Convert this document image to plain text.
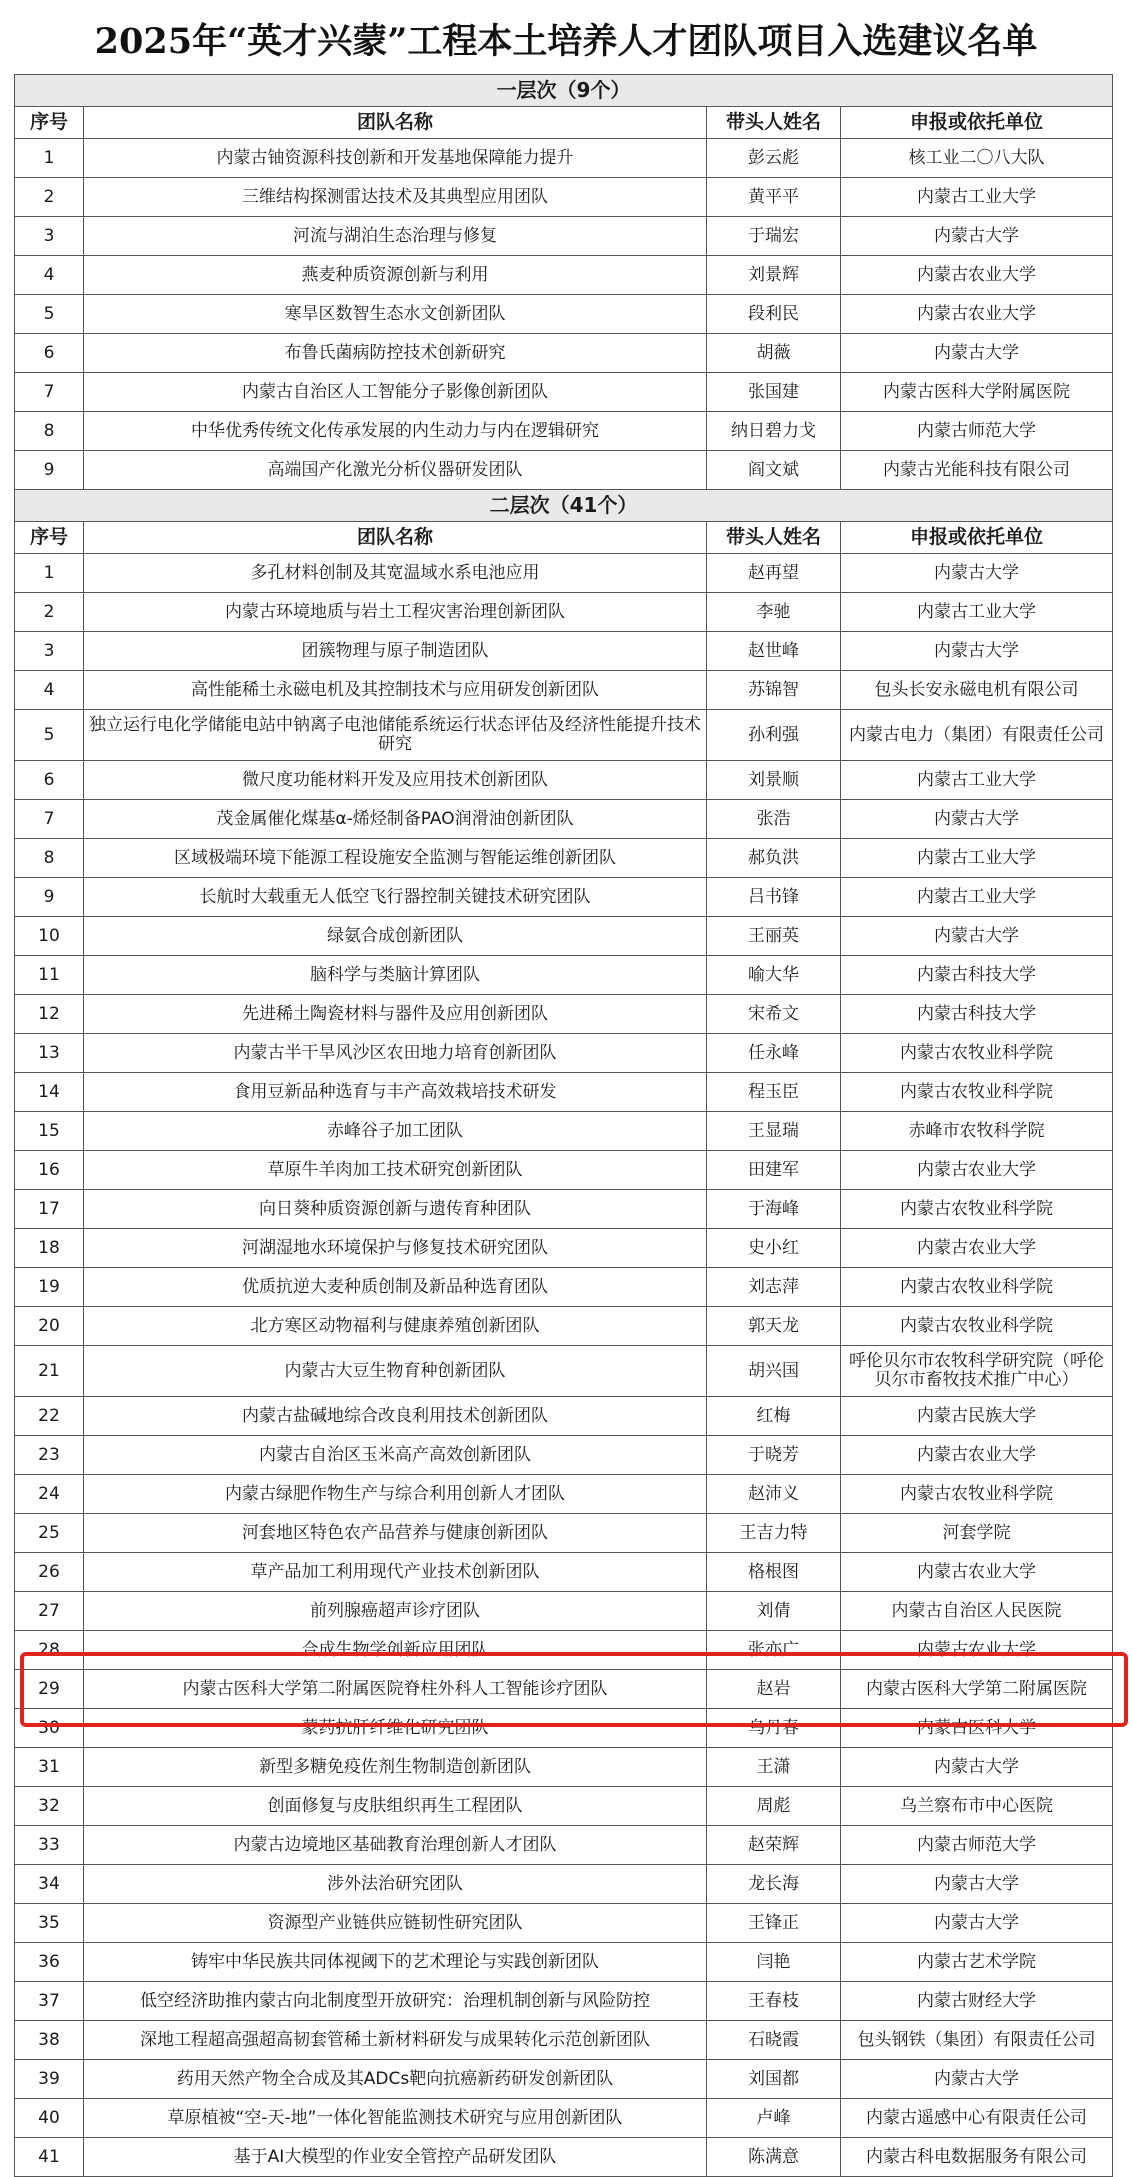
2025年“英才兴蒙”工程本土培养人才团队项目入选建议名单
一层次（9个）			
序号	团队名称	带头人姓名	申报或依托单位
1	内蒙古铀资源科技创新和开发基地保障能力提升	彭云彪	核工业二〇八大队
2	三维结构探测雷达技术及其典型应用团队	黄平平	内蒙古工业大学
3	河流与湖泊生态治理与修复	于瑞宏	内蒙古大学
4	燕麦种质资源创新与利用	刘景辉	内蒙古农业大学
5	寒旱区数智生态水文创新团队	段利民	内蒙古农业大学
6	布鲁氏菌病防控技术创新研究	胡薇	内蒙古大学
7	内蒙古自治区人工智能分子影像创新团队	张国建	内蒙古医科大学附属医院
8	中华优秀传统文化传承发展的内生动力与内在逻辑研究	纳日碧力戈	内蒙古师范大学
9	高端国产化激光分析仪器研发团队	阎文斌	内蒙古光能科技有限公司
二层次（41个）			
序号	团队名称	带头人姓名	申报或依托单位
1	多孔材料创制及其宽温域水系电池应用	赵再望	内蒙古大学
2	内蒙古环境地质与岩土工程灾害治理创新团队	李驰	内蒙古工业大学
3	团簇物理与原子制造团队	赵世峰	内蒙古大学
4	高性能稀土永磁电机及其控制技术与应用研发创新团队	苏锦智	包头长安永磁电机有限公司
5	独立运行电化学储能电站中钠离子电池储能系统运行状态评估及经济性能提升技术研究	孙利强	内蒙古电力（集团）有限责任公司
6	微尺度功能材料开发及应用技术创新团队	刘景顺	内蒙古工业大学
7	茂金属催化煤基α-烯烃制备PAO润滑油创新团队	张浩	内蒙古大学
8	区域极端环境下能源工程设施安全监测与智能运维创新团队	郝负洪	内蒙古工业大学
9	长航时大载重无人低空飞行器控制关键技术研究团队	吕书锋	内蒙古工业大学
10	绿氨合成创新团队	王丽英	内蒙古大学
11	脑科学与类脑计算团队	喻大华	内蒙古科技大学
12	先进稀土陶瓷材料与器件及应用创新团队	宋希文	内蒙古科技大学
13	内蒙古半干旱风沙区农田地力培育创新团队	任永峰	内蒙古农牧业科学院
14	食用豆新品种选育与丰产高效栽培技术研发	程玉臣	内蒙古农牧业科学院
15	赤峰谷子加工团队	王显瑞	赤峰市农牧科学院
16	草原牛羊肉加工技术研究创新团队	田建军	内蒙古农业大学
17	向日葵种质资源创新与遗传育种团队	于海峰	内蒙古农牧业科学院
18	河湖湿地水环境保护与修复技术研究团队	史小红	内蒙古农业大学
19	优质抗逆大麦种质创制及新品种选育团队	刘志萍	内蒙古农牧业科学院
20	北方寒区动物福利与健康养殖创新团队	郭天龙	内蒙古农牧业科学院
21	内蒙古大豆生物育种创新团队	胡兴国	呼伦贝尔市农牧科学研究院（呼伦贝尔市畜牧技术推广中心）
22	内蒙古盐碱地综合改良利用技术创新团队	红梅	内蒙古民族大学
23	内蒙古自治区玉米高产高效创新团队	于晓芳	内蒙古农业大学
24	内蒙古绿肥作物生产与综合利用创新人才团队	赵沛义	内蒙古农牧业科学院
25	河套地区特色农产品营养与健康创新团队	王吉力特	河套学院
26	草产品加工利用现代产业技术创新团队	格根图	内蒙古农业大学
27	前列腺癌超声诊疗团队	刘倩	内蒙古自治区人民医院
28	合成生物学创新应用团队	张亦广	内蒙古农业大学
29	内蒙古医科大学第二附属医院脊柱外科人工智能诊疗团队	赵岩	内蒙古医科大学第二附属医院
30	蒙药抗肝纤维化研究团队	乌丹春	内蒙古医科大学
31	新型多糖免疫佐剂生物制造创新团队	王潇	内蒙古大学
32	创面修复与皮肤组织再生工程团队	周彪	乌兰察布市中心医院
33	内蒙古边境地区基础教育治理创新人才团队	赵荣辉	内蒙古师范大学
34	涉外法治研究团队	龙长海	内蒙古大学
35	资源型产业链供应链韧性研究团队	王锋正	内蒙古大学
36	铸牢中华民族共同体视阈下的艺术理论与实践创新团队	闫艳	内蒙古艺术学院
37	低空经济助推内蒙古向北制度型开放研究：治理机制创新与风险防控	王春枝	内蒙古财经大学
38	深地工程超高强超高韧套管稀土新材料研发与成果转化示范创新团队	石晓霞	包头钢铁（集团）有限责任公司
39	药用天然产物全合成及其ADCs靶向抗癌新药研发创新团队	刘国都	内蒙古大学
40	草原植被“空-天-地”一体化智能监测技术研究与应用创新团队	卢峰	内蒙古遥感中心有限责任公司
41	基于AI大模型的作业安全管控产品研发团队	陈满意	内蒙古科电数据服务有限公司
